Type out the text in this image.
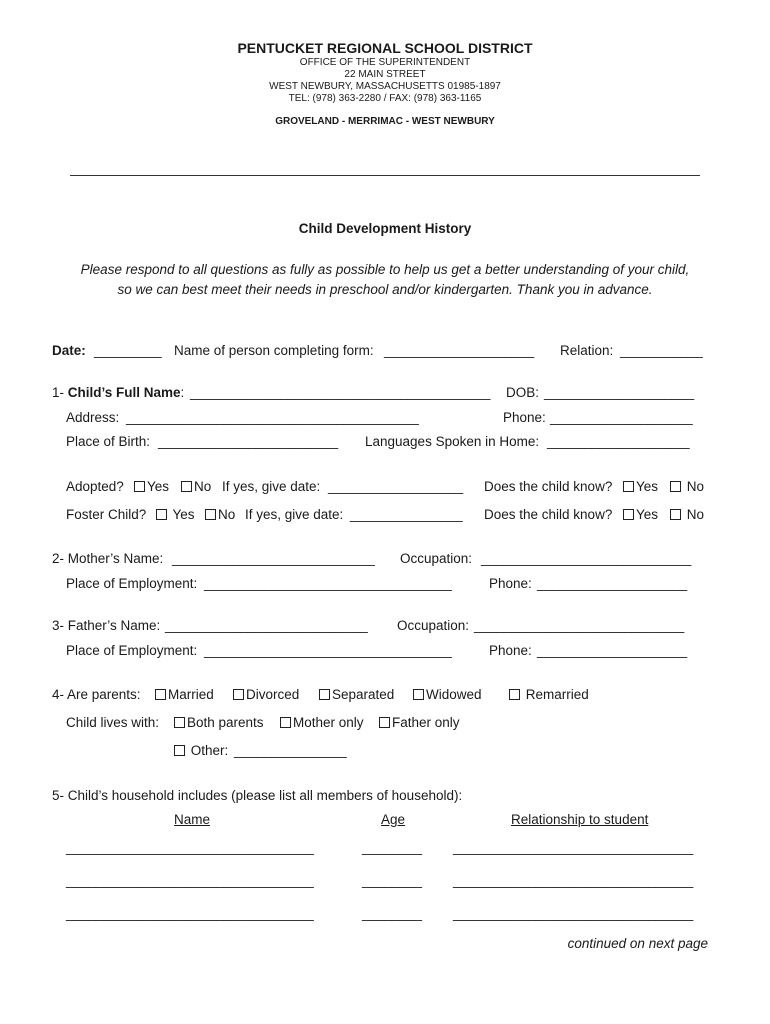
PENTUCKET REGIONAL SCHOOL DISTRICT
OFFICE OF THE SUPERINTENDENT
22 MAIN STREET
WEST NEWBURY, MASSACHUSETTS 01985-1897
TEL: (978) 363-2280 / FAX: (978) 363-1165
GROVELAND - MERRIMAC - WEST NEWBURY
Child Development History
Please respond to all questions as fully as possible to help us get a better understanding of your child,
so we can best meet their needs in preschool and/or kindergarten. Thank you in advance.
Date: _________ Name of person completing form: ____________________ Relation: ___________
1- Child’s Full Name: ________________________________________ DOB: ____________________
Address: _______________________________________	Phone: ___________________
Place of Birth: ________________________ Languages Spoken in Home: ___________________
Adopted?	Yes	No If yes, give date: __________________ Does the child know?	Yes	No
Foster Child?	Yes	No If yes, give date: _______________ Does the child know?	Yes	No
2- Mother’s Name: ___________________________ Occupation: ____________________________
Place of Employment: _________________________________	Phone: ____________________
3- Father’s Name: ___________________________ Occupation: ____________________________
Place of Employment: _________________________________	Phone: ____________________
4- Are parents:	Married	Divorced	Separated	Widowed	Remarried
Child lives with:	Both parents	Mother only	Father only
Other: _______________
5- Child’s household includes (please list all members of household):
Name	Age	Relationship to student
_________________________________	________ ________________________________
_________________________________	________ ________________________________
_________________________________	________ ________________________________
continued on next page
